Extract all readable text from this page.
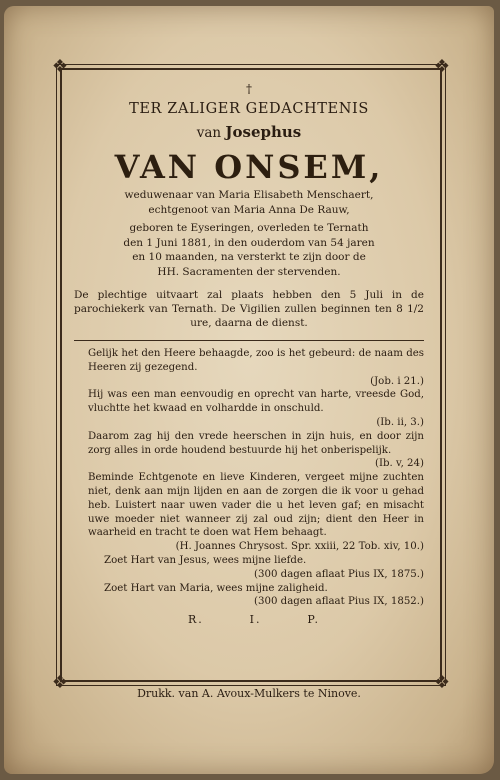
❖	❖
❖	❖
†
TER ZALIGER GEDACHTENIS
van Josephus
VAN ONSEM,
weduwenaar van Maria Elisabeth Menschaert,
echtgenoot van Maria Anna De Rauw,
geboren te Eyseringen, overleden te Ternath
den 1 Juni 1881, in den ouderdom van 54 jaren
en 10 maanden, na versterkt te zijn door de
HH. Sacramenten der stervenden.
De plechtige uitvaart zal plaats hebben den 5 Juli in de parochiekerk van Ternath. De Vigilien zullen beginnen ten 8 1/2 ure, daarna de dienst.
Gelijk het den Heere behaagde, zoo is het gebeurd: de naam des Heeren zij gezegend.
(Job. i 21.)
Hij was een man eenvoudig en oprecht van harte, vreesde God, vluchtte het kwaad en volhardde in onschuld.
(Ib. ii, 3.)
Daarom zag hij den vrede heerschen in zijn huis, en door zijn zorg alles in orde houdend bestuurde hij het onberispelijk.
(Ib. v, 24)
Beminde Echtgenote en lieve Kinderen, vergeet mijne zuchten niet, denk aan mijn lijden en aan de zorgen die ik voor u gehad heb. Luistert naar uwen vader die u het leven gaf; en misacht uwe moeder niet wanneer zij zal oud zijn; dient den Heer in waarheid en tracht te doen wat Hem behaagt.
(H. Joannes Chrysost. Spr. xxiii, 22 Tob. xiv, 10.)
Zoet Hart van Jesus, wees mijne liefde.
(300 dagen aflaat Pius IX, 1875.)
Zoet Hart van Maria, wees mijne zaligheid.
(300 dagen aflaat Pius IX, 1852.)
R.	I.	P.
Drukk. van A. Avoux-Mulkers te Ninove.
